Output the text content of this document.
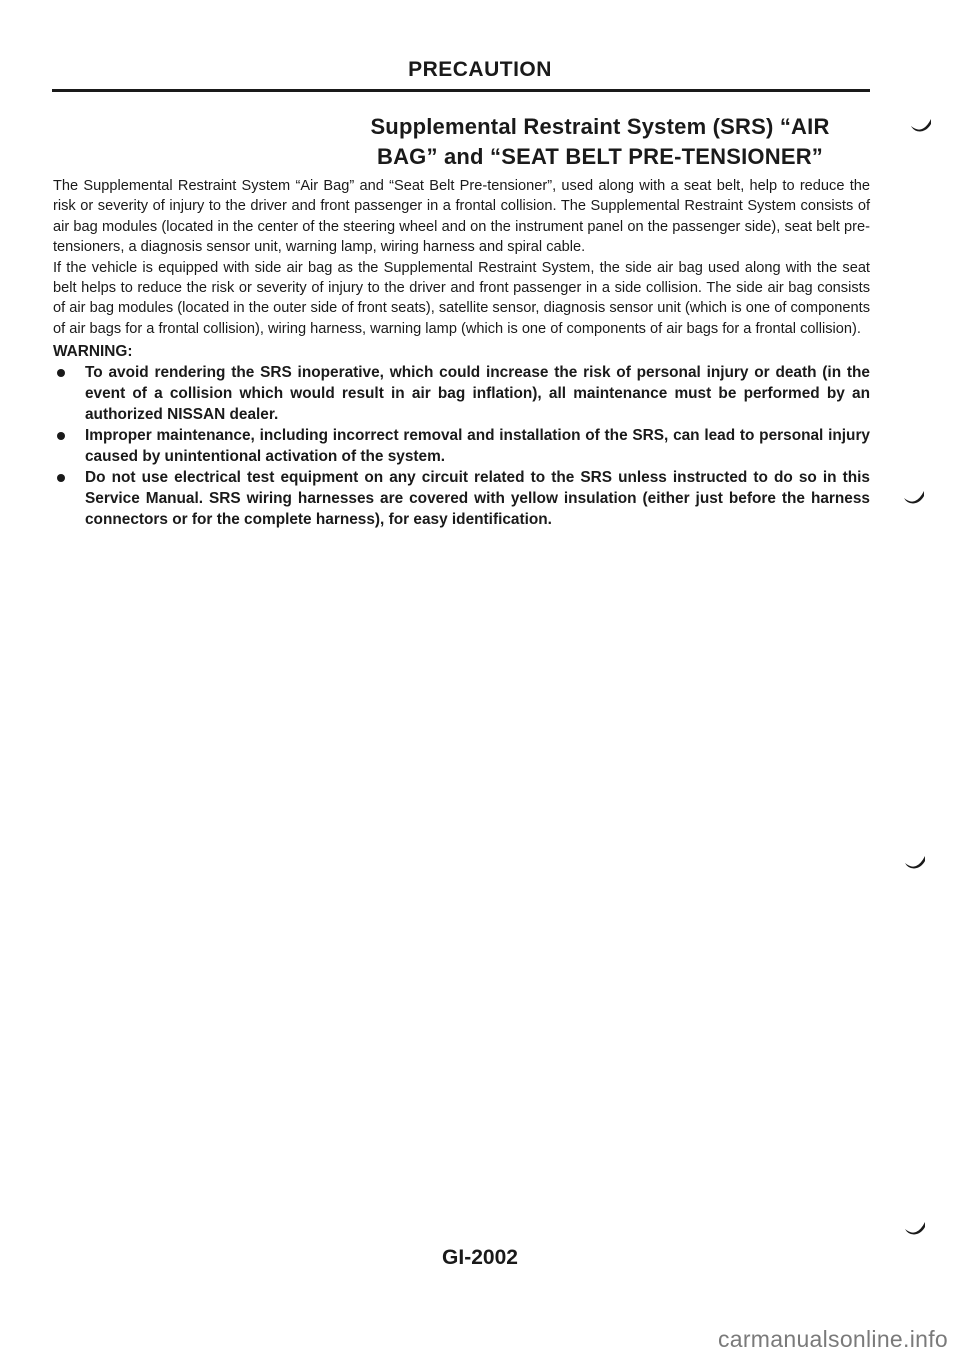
PRECAUTION
Supplemental Restraint System (SRS) “AIR
BAG” and “SEAT BELT PRE-TENSIONER”

The Supplemental Restraint System “Air Bag” and “Seat Belt Pre-tensioner”, used along with a seat belt, help to reduce the risk or severity of injury to the driver and front passenger in a frontal collision. The Supplemental Restraint System consists of air bag modules (located in the center of the steering wheel and on the instrument panel on the passenger side), seat belt pre-tensioners, a diagnosis sensor unit, warning lamp, wiring harness and spiral cable.

If the vehicle is equipped with side air bag as the Supplemental Restraint System, the side air bag used along with the seat belt helps to reduce the risk or severity of injury to the driver and front passenger in a side collision. The side air bag consists of air bag modules (located in the outer side of front seats), satellite sensor, diagnosis sensor unit (which is one of components of air bags for a frontal collision), wiring harness, warning lamp (which is one of components of air bags for a frontal collision).

WARNING:
To avoid rendering the SRS inoperative, which could increase the risk of personal injury or death (in the event of a collision which would result in air bag inflation), all maintenance must be performed by an authorized NISSAN dealer.
Improper maintenance, including incorrect removal and installation of the SRS, can lead to personal injury caused by unintentional activation of the system.
Do not use electrical test equipment on any circuit related to the SRS unless instructed to do so in this Service Manual. SRS wiring harnesses are covered with yellow insulation (either just before the harness connectors or for the complete harness), for easy identification.
GI-2002
carmanualsonline.info
